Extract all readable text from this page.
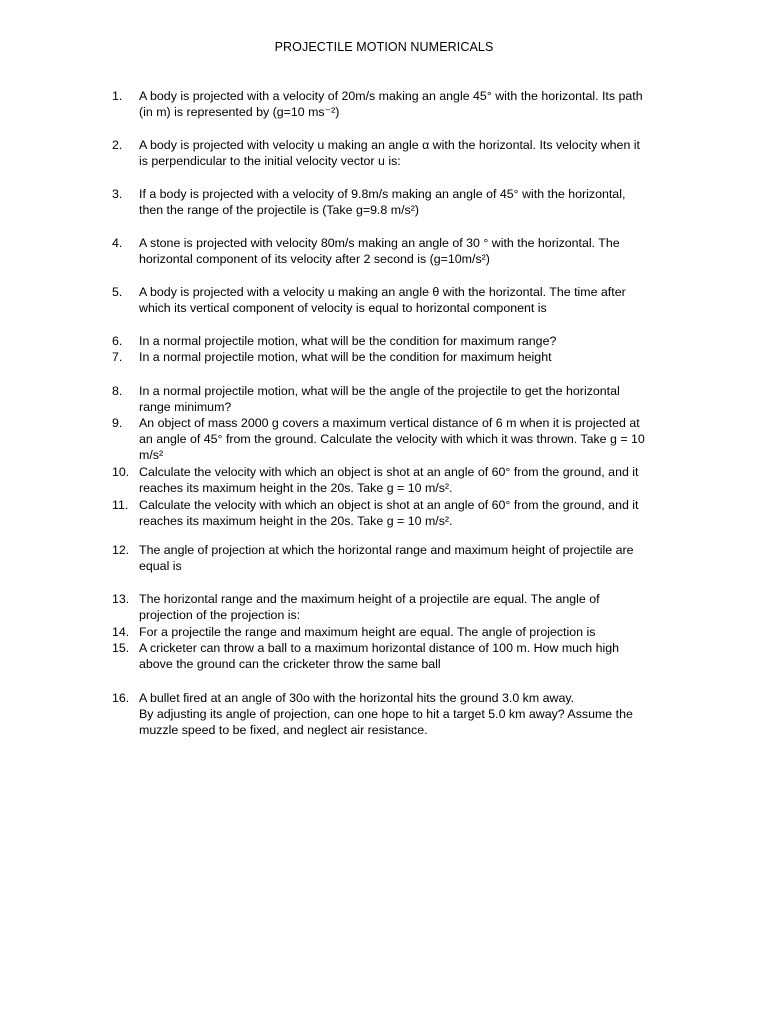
PROJECTILE MOTION NUMERICALS
1.	A body is projected with a velocity of 20m/s making an angle 45° with the horizontal. Its path
(in m) is represented by (g=10 ms⁻²)
2.	A body is projected with velocity u making an angle α with the horizontal. Its velocity when it
is perpendicular to the initial velocity vector u is:
3.	If a body is projected with a velocity of 9.8m/s making an angle of 45° with the horizontal,
then the range of the projectile is (Take g=9.8 m/s²)
4.	A stone is projected with velocity 80m/s making an angle of 30 ° with the horizontal. The
horizontal component of its velocity after 2 second is (g=10m/s²)
5.	A body is projected with a velocity u making an angle θ with the horizontal. The time after
which its vertical component of velocity is equal to horizontal component is
6.	In a normal projectile motion, what will be the condition for maximum range?
7.	In a normal projectile motion, what will be the condition for maximum height
8.	In a normal projectile motion, what will be the angle of the projectile to get the horizontal
range minimum?
9.	An object of mass 2000 g covers a maximum vertical distance of 6 m when it is projected at
an angle of 45° from the ground. Calculate the velocity with which it was thrown. Take g = 10
m/s²
10. Calculate the velocity with which an object is shot at an angle of 60° from the ground, and it
reaches its maximum height in the 20s. Take g = 10 m/s².
11. Calculate the velocity with which an object is shot at an angle of 60° from the ground, and it
reaches its maximum height in the 20s. Take g = 10 m/s².
12. The angle of projection at which the horizontal range and maximum height of projectile are
equal is
13. The horizontal range and the maximum height of a projectile are equal. The angle of
projection of the projection is:
14. For a projectile the range and maximum height are equal. The angle of projection is
15. A cricketer can throw a ball to a maximum horizontal distance of 100 m. How much high
above the ground can the cricketer throw the same ball
16. A bullet fired at an angle of 30o with the horizontal hits the ground 3.0 km away.
By adjusting its angle of projection, can one hope to hit a target 5.0 km away? Assume the
muzzle speed to be fixed, and neglect air resistance.
